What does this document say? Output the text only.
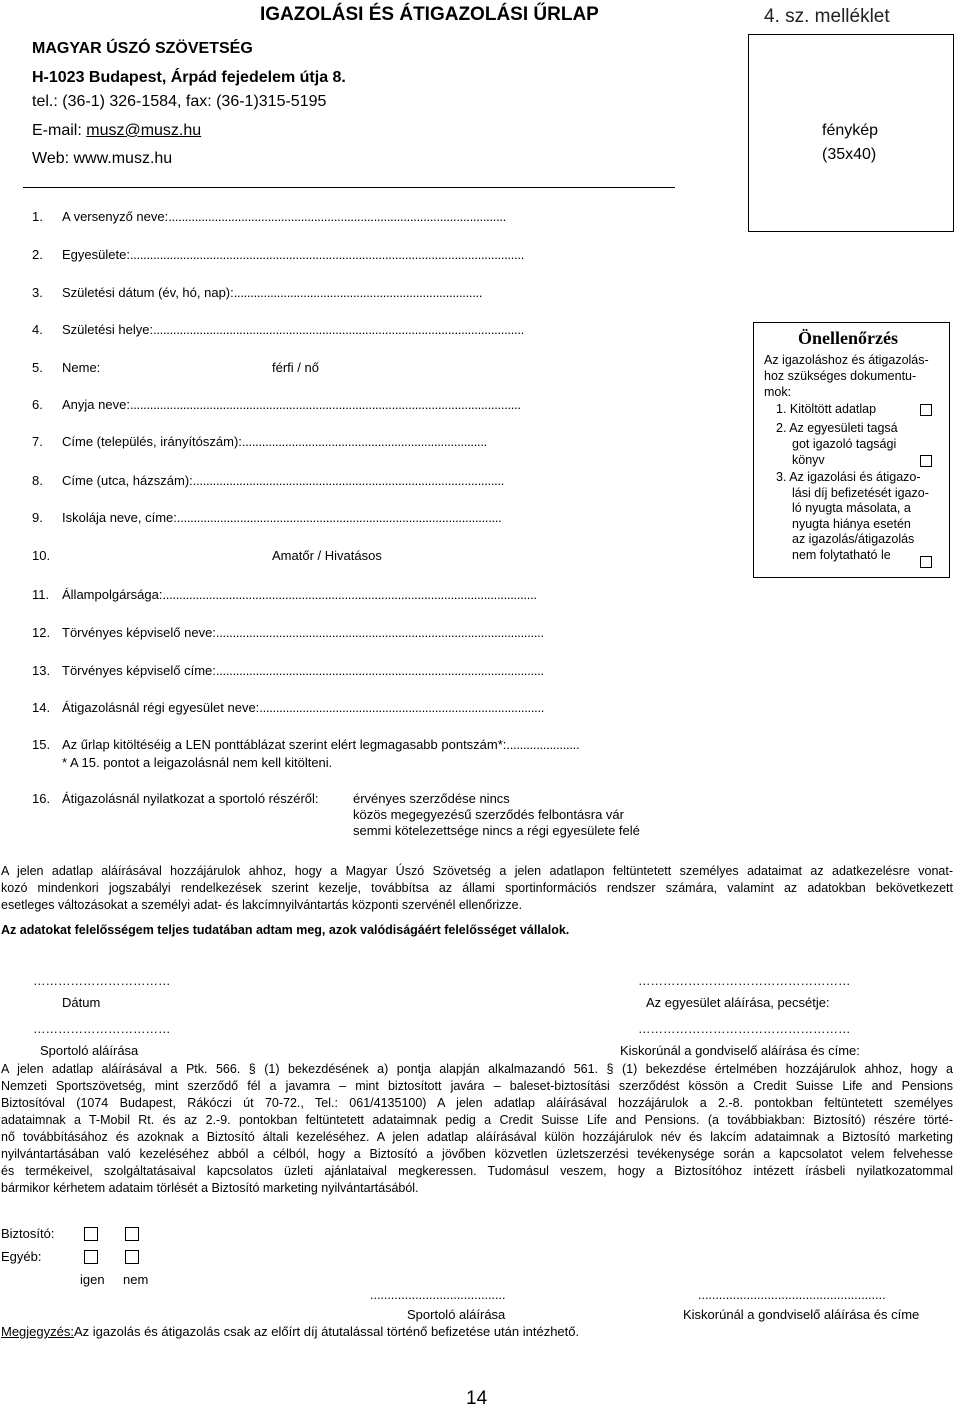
IGAZOLÁSI ÉS ÁTIGAZOLÁSI ŰRLAP	4. sz. melléklet
MAGYAR ÚSZÓ SZÖVETSÉG
H-1023 Budapest, Árpád fejedelem útja 8.
tel.: (36-1) 326-1584, fax: (36-1)315-5195
E-mail: musz@musz.hu
Web: www.musz.hu
fénykép
(35x40)
1. A versenyző neve:......................................................................................................
2. Egyesülete:.......................................................................................................................
3. Születési dátum (év, hó, nap):...........................................................................
4. Születési helye:................................................................................................................
5. Neme:	férfi / nő
6. Anyja neve:......................................................................................................................
7. Címe (település, irányítószám):..........................................................................
8. Címe (utca, házszám):..............................................................................................
9. Iskolája neve, címe:..................................................................................................
10.	Amatőr / Hivatásos
11. Állampolgársága:.................................................................................................................
12. Törvényes képviselő neve:...................................................................................................
13. Törvényes képviselő címe:...................................................................................................
14. Átigazolásnál régi egyesület neve:......................................................................................
15. Az űrlap kitöltéséig a LEN ponttáblázat szerint elért legmagasabb pontszám*:......................
* A 15. pontot a leigazolásnál nem kell kitölteni.
16. Átigazolásnál nyilatkozat a sportoló részéről:	érvényes szerződése nincs
közös megegyezésű szerződés felbontásra vár
semmi kötelezettsége nincs a régi egyesülete felé
Önellenőrzés
Az igazoláshoz és átigazolás-
hoz szükséges dokumentu-
mok:
1. Kitöltött adatlap
2. Az egyesületi tagsá
got igazoló tagsági
könyv
3. Az igazolási és átigazo-
lási díj befizetését igazo-
ló nyugta másolata, a
nyugta hiánya esetén
az igazolás/átigazolás
nem folytatható le
A jelen adatlap aláírásával hozzájárulok ahhoz, hogy a Magyar Úszó Szövetség a jelen adatlapon feltüntetett személyes adataimat az adatkezelésre vonat-
kozó mindenkori jogszabályi rendelkezések szerint kezelje, továbbítsa az állami sportinformációs rendszer számára, valamint az adatokban bekövetkezett
esetleges változásokat a személyi adat- és lakcímnyilvántartás központi szervénél ellenőrizze.
Az adatokat felelősségem teljes tudatában adtam meg, azok valódiságáért felelősséget vállalok.
……………………………	……………………………………………
Dátum	Az egyesület aláírása, pecsétje:
……………………………	……………………………………………
Sportoló aláírása	Kiskorúnál a gondviselő aláírása és címe:
A jelen adatlap aláírásával a Ptk. 566. § (1) bekezdésének a) pontja alapján alkalmazandó 561. § (1) bekezdése értelmében hozzájárulok ahhoz, hogy a
Nemzeti Sportszövetség, mint szerződő fél a javamra – mint biztosított javára – baleset-biztosítási szerződést kössön a Credit Suisse Life and Pensions
Biztosítóval (1074 Budapest, Rákóczi út 70-72., Tel.: 061/4135100) A jelen adatlap aláírásával hozzájárulok a 2.-8. pontokban feltüntetett személyes
adataimnak a T-Mobil Rt. és az 2.-9. pontokban feltüntetett adataimnak pedig a Credit Suisse Life and Pensions. (a továbbiakban: Biztosító) részére törté-
nő továbbításához és azoknak a Biztosító általi kezeléséhez. A jelen adatlap aláírásával külön hozzájárulok név és lakcím adataimnak a Biztosító marketing
nyilvántartásában való kezeléséhez abból a célból, hogy a Biztosító a jövőben közvetlen üzletszerzési tevékenysége során a kapcsolatot velem felvehesse
és termékeivel, szolgáltatásaival kapcsolatos üzleti ajánlataival megkeressen. Tudomásul veszem, hogy a Biztosítóhoz intézett írásbeli nyilatkozatommal
bármikor kérhetem adataim törlését a Biztosító marketing nyilvántartásából.
Biztosító:
Egyéb:
igen nem
.......................................	......................................................
Sportoló aláírása	Kiskorúnál a gondviselő aláírása és címe
Megjegyzés:Az igazolás és átigazolás csak az előírt díj átutalással történő befizetése után intézhető.
14
